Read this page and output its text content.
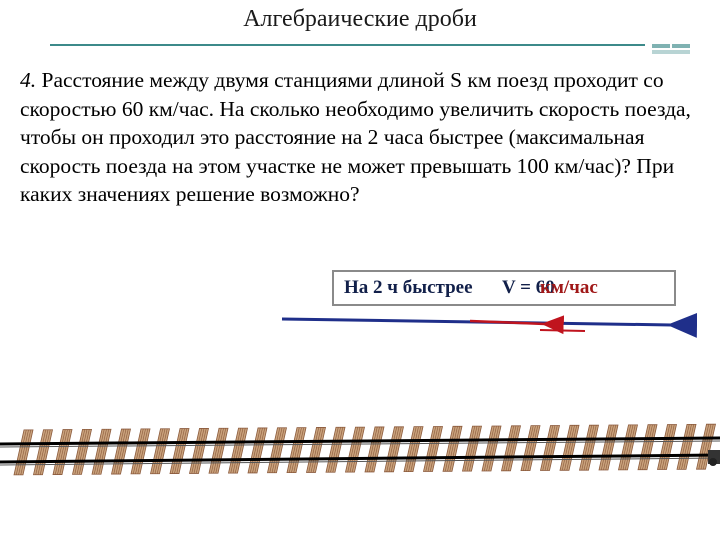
Алгебраические дроби
4. Расстояние между двумя станциями длиной S км поезд проходит со скоростью 60 км/час. На сколько необходимо увеличить скорость поезда, чтобы он проходил это расстояние на 2 часа быстрее (максимальная скорость поезда на этом участке не может превышать 100 км/час)? При каких значениях решение возможно?
На 2 ч быстрее V = 60
км/час
